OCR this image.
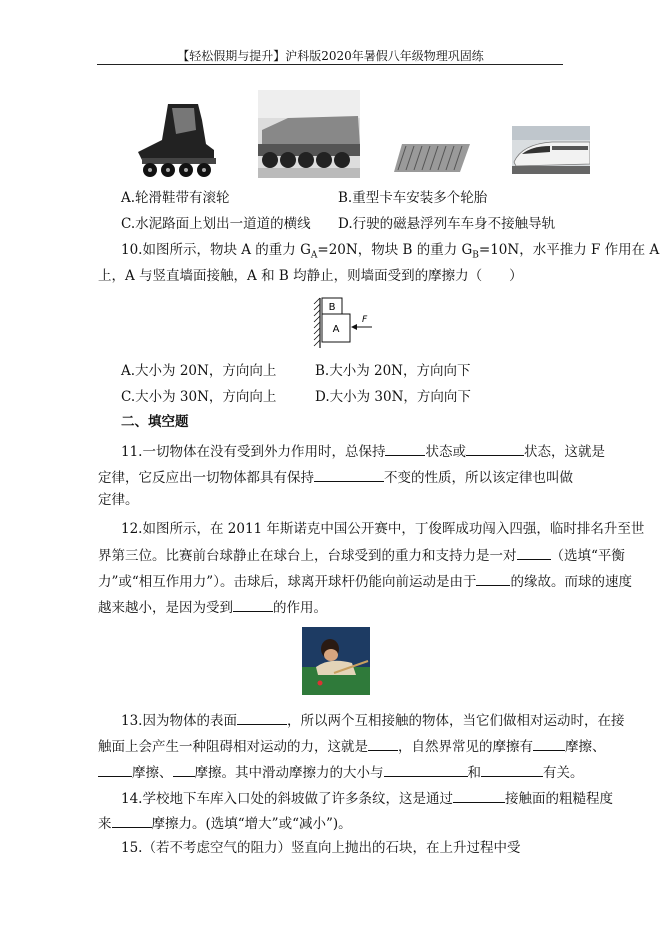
【轻松假期与提升】沪科版2020年暑假八年级物理巩固练
A.轮滑鞋带有滚轮	B.重型卡车安装多个轮胎
C.水泥路面上划出一道道的横线 D.行驶的磁悬浮列车车身不接触导轨
10.如图所示，物块 A 的重力 $G_A=20N$，物块 B 的重力 $G_B=10N$，水平推力 F 作用在 A
上，A 与竖直墙面接触，A 和 B 均静止，则墙面受到的摩擦力（　　）
B
A
F
A.大小为 20N，方向向上	B.大小为 20N，方向向下
C.大小为 30N，方向向上	D.大小为 30N，方向向下
二、填空题
11.一切物体在没有受到外力作用时，总保持	状态或	状态，这就是
定律，它反应出一切物体都具有保持	不变的性质，所以该定律也叫做
定律。
12.如图所示，在 2011 年斯诺克中国公开赛中，丁俊晖成功闯入四强，临时排名升至世
界第三位。比赛前台球静止在球台上，台球受到的重力和支持力是一对	（选填“平衡
力”或“相互作用力”）。击球后，球离开球杆仍能向前运动是由于	的缘故。而球的速度
越来越小，是因为受到	的作用。
13.因为物体的表面	，所以两个互相接触的物体，当它们做相对运动时，在接
触面上会产生一种阻碍相对运动的力，这就是 ，自然界常见的摩擦有 摩擦、
摩擦、 摩擦。其中滑动摩擦力的大小与	和	有关。
14.学校地下车库入口处的斜坡做了许多条纹，这是通过	接触面的粗糙程度
来	摩擦力。(选填“增大”或“减小”)。
15.（若不考虑空气的阻力）竖直向上抛出的石块，在上升过程中受
